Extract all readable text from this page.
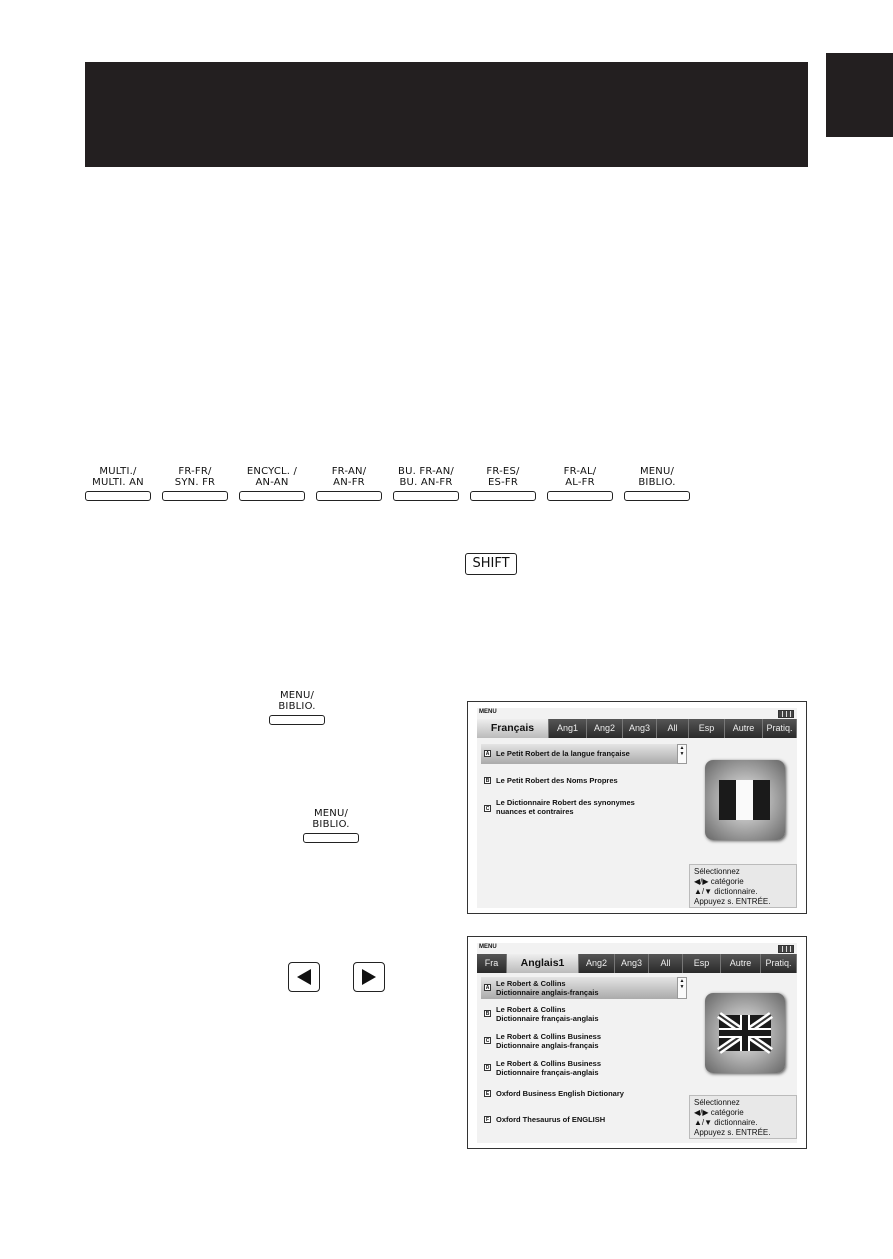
MULTI./
MULTI. AN
FR-FR/
SYN. FR
ENCYCL. /
AN-AN
FR-AN/
AN-FR
BU. FR-AN/
BU. AN-FR
FR-ES/
ES-FR
FR-AL/
AL-FR
MENU/
BIBLIO.
SHIFT
MENU/
BIBLIO.
MENU/
BIBLIO.
MENU
Français	Ang1	Ang2	Ang3	All	Esp	Autre	Pratiq.
A Le Petit Robert de la langue française
▲
▼
B Le Petit Robert des Noms Propres
C
Le Dictionnaire Robert des synonymes
nuances et contraires
Sélectionnez
◀/▶ catégorie
▲/▼ dictionnaire.
Appuyez s. ENTRÉE.
MENU
Fra	Anglais1	Ang2	Ang3	All	Esp	Autre	Pratiq.
A Le Robert & Collins
Dictionnaire anglais-français
▲
▼
B Le Robert & Collins
Dictionnaire français-anglais
C Le Robert & Collins Business
Dictionnaire anglais-français
D Le Robert & Collins Business
Dictionnaire français-anglais
E Oxford Business English Dictionary
F Oxford Thesaurus of ENGLISH
Sélectionnez
◀/▶ catégorie
▲/▼ dictionnaire.
Appuyez s. ENTRÉE.
